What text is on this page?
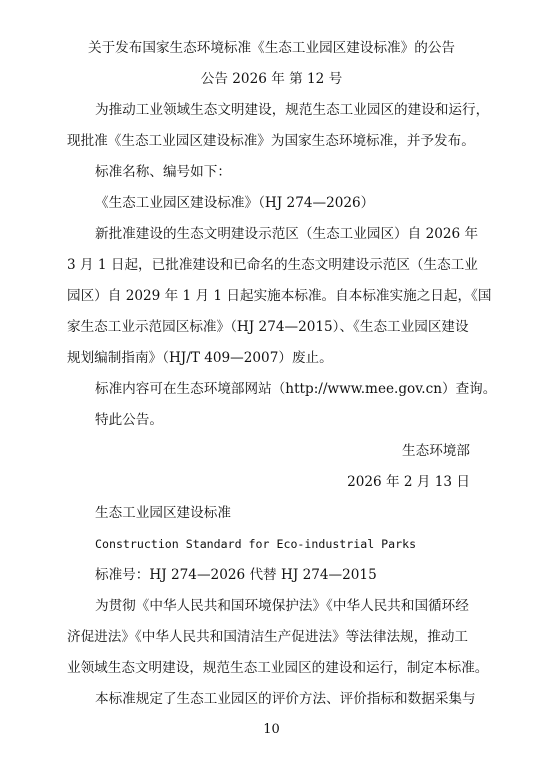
关于发布国家生态环境标准《生态工业园区建设标准》的公告
公告 2026 年 第 12 号
为推动工业领域生态文明建设，规范生态工业园区的建设和运行，
现批准《生态工业园区建设标准》为国家生态环境标准，并予发布。
标准名称、编号如下：
《生态工业园区建设标准》（HJ 274—2026）
新批准建设的生态文明建设示范区（生态工业园区）自 2026 年
3 月 1 日起，已批准建设和已命名的生态文明建设示范区（生态工业
园区）自 2029 年 1 月 1 日起实施本标准。自本标准实施之日起，《国
家生态工业示范园区标准》（HJ 274—2015）、《生态工业园区建设
规划编制指南》（HJ/T 409—2007）废止。
标准内容可在生态环境部网站（http://www.mee.gov.cn）查询。
特此公告。
生态环境部
2026 年 2 月 13 日
生态工业园区建设标准
Construction Standard for Eco-industrial Parks
标准号：HJ 274—2026 代替 HJ 274—2015
为贯彻《中华人民共和国环境保护法》《中华人民共和国循环经
济促进法》《中华人民共和国清洁生产促进法》等法律法规，推动工
业领域生态文明建设，规范生态工业园区的建设和运行，制定本标准。
本标准规定了生态工业园区的评价方法、评价指标和数据采集与
10
